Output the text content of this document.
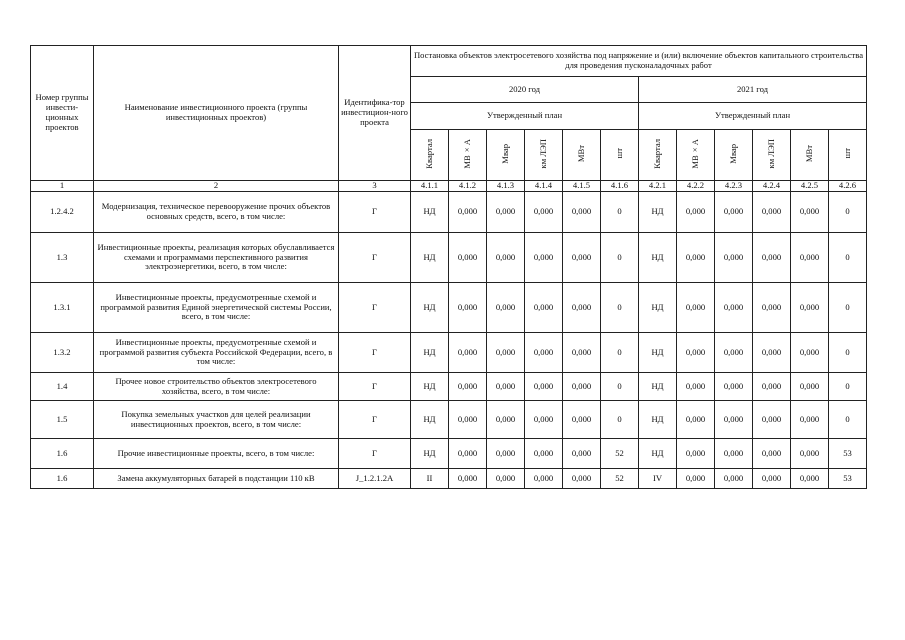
Номер группы инвести-ционных проектов	Наименование инвестиционного проекта (группы инвестиционных проектов)	Идентифика-тор инвестицион-ного проекта	Постановка объектов электросетевого хозяйства под напряжение и (или) включение объектов капитального строительства для проведения пусконаладочных работ											
			2020 год						2021 год					
			Утвержденный план						Утвержденный план					
			Квартал	МВ×А	Мвар	км ЛЭП	МВт	шт	Квартал	МВ×А	Мвар	км ЛЭП	МВт	шт
1	2	3	4.1.1	4.1.2	4.1.3	4.1.4	4.1.5	4.1.6	4.2.1	4.2.2	4.2.3	4.2.4	4.2.5	4.2.6
1.2.4.2	Модернизация, техническое перевооружение прочих объектов основных средств, всего, в том числе:	Г	НД	0,000	0,000	0,000	0,000	0	НД	0,000	0,000	0,000	0,000	0
1.3	Инвестиционные проекты, реализация которых обуславливается схемами и программами перспективного развития электроэнергетики, всего, в том числе:	Г	НД	0,000	0,000	0,000	0,000	0	НД	0,000	0,000	0,000	0,000	0
1.3.1	Инвестиционные проекты, предусмотренные схемой и программой развития Единой энергетической системы России, всего, в том числе:	Г	НД	0,000	0,000	0,000	0,000	0	НД	0,000	0,000	0,000	0,000	0
1.3.2	Инвестиционные проекты, предусмотренные схемой и программой развития субъекта Российской Федерации, всего, в том числе:	Г	НД	0,000	0,000	0,000	0,000	0	НД	0,000	0,000	0,000	0,000	0
1.4	Прочее новое строительство объектов электросетевого хозяйства, всего, в том числе:	Г	НД	0,000	0,000	0,000	0,000	0	НД	0,000	0,000	0,000	0,000	0
1.5	Покупка земельных участков для целей реализации инвестиционных проектов, всего, в том числе:	Г	НД	0,000	0,000	0,000	0,000	0	НД	0,000	0,000	0,000	0,000	0
1.6	Прочие инвестиционные проекты, всего, в том числе:	Г	НД	0,000	0,000	0,000	0,000	52	НД	0,000	0,000	0,000	0,000	53
1.6	Замена аккумуляторных батарей в подстанции 110 кВ	J_1.2.1.2А	II	0,000	0,000	0,000	0,000	52	IV	0,000	0,000	0,000	0,000	53
